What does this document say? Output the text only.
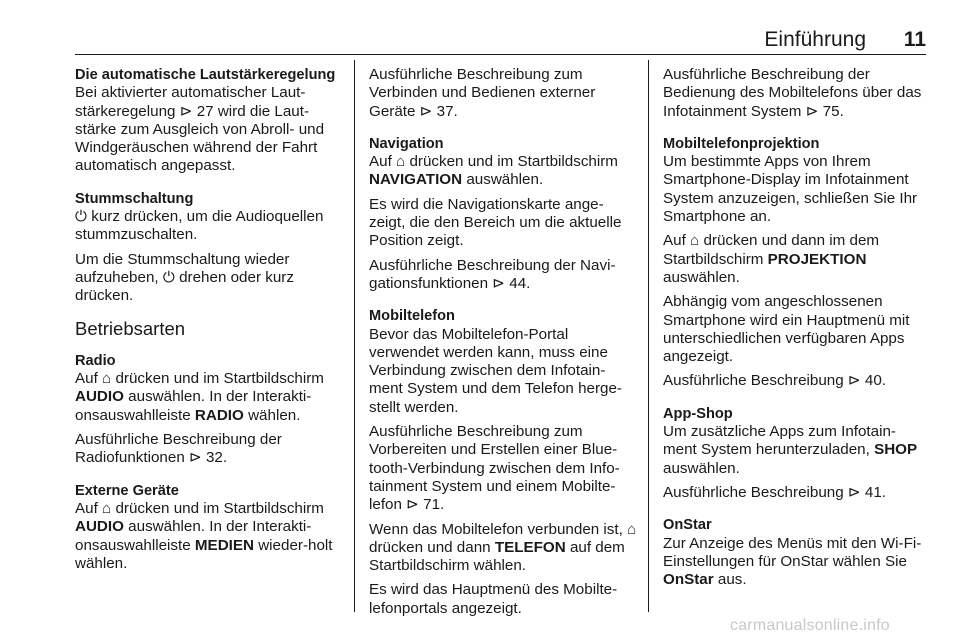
Einführung 11

Die automatische Lautstärkeregelung

Bei aktivierter automatischer Laut-stärkeregelung ⊳ 27 wird die Laut-stärke zum Ausgleich von Abroll- und Windgeräuschen während der Fahrt automatisch angepasst.

Stummschaltung

⏻ kurz drücken, um die Audioquellen stummzuschalten.

Um die Stummschaltung wieder aufzuheben, ⏻ drehen oder kurz drücken.

Betriebsarten

Radio

Auf ⌂ drücken und im Startbildschirm AUDIO auswählen. In der Interakti-onsauswahlleiste RADIO wählen.

Ausführliche Beschreibung der Radiofunktionen ⊳ 32.

Externe Geräte

Auf ⌂ drücken und im Startbildschirm AUDIO auswählen. In der Interakti-onsauswahlleiste MEDIEN wieder-holt wählen.

Ausführliche Beschreibung zum Verbinden und Bedienen externer Geräte ⊳ 37.

Navigation

Auf ⌂ drücken und im Startbildschirm NAVIGATION auswählen.

Es wird die Navigationskarte ange-zeigt, die den Bereich um die aktuelle Position zeigt.

Ausführliche Beschreibung der Navi-gationsfunktionen ⊳ 44.

Mobiltelefon

Bevor das Mobiltelefon-Portal verwendet werden kann, muss eine Verbindung zwischen dem Infotain-ment System und dem Telefon herge-stellt werden.

Ausführliche Beschreibung zum Vorbereiten und Erstellen einer Blue-tooth-Verbindung zwischen dem Info-tainment System und einem Mobilte-lefon ⊳ 71.

Wenn das Mobiltelefon verbunden ist, ⌂ drücken und dann TELEFON auf dem Startbildschirm wählen.

Es wird das Hauptmenü des Mobilte-lefonportals angezeigt.

Ausführliche Beschreibung der Bedienung des Mobiltelefons über das Infotainment System ⊳ 75.

Mobiltelefonprojektion

Um bestimmte Apps von Ihrem Smartphone-Display im Infotainment System anzuzeigen, schließen Sie Ihr Smartphone an.

Auf ⌂ drücken und dann im dem Startbildschirm PROJEKTION auswählen.

Abhängig vom angeschlossenen Smartphone wird ein Hauptmenü mit unterschiedlichen verfügbaren Apps angezeigt.

Ausführliche Beschreibung ⊳ 40.

App-Shop

Um zusätzliche Apps zum Infotain-ment System herunterzuladen, SHOP auswählen.

Ausführliche Beschreibung ⊳ 41.

OnStar

Zur Anzeige des Menüs mit den Wi-Fi-Einstellungen für OnStar wählen Sie OnStar aus.

carmanualsonline.info
